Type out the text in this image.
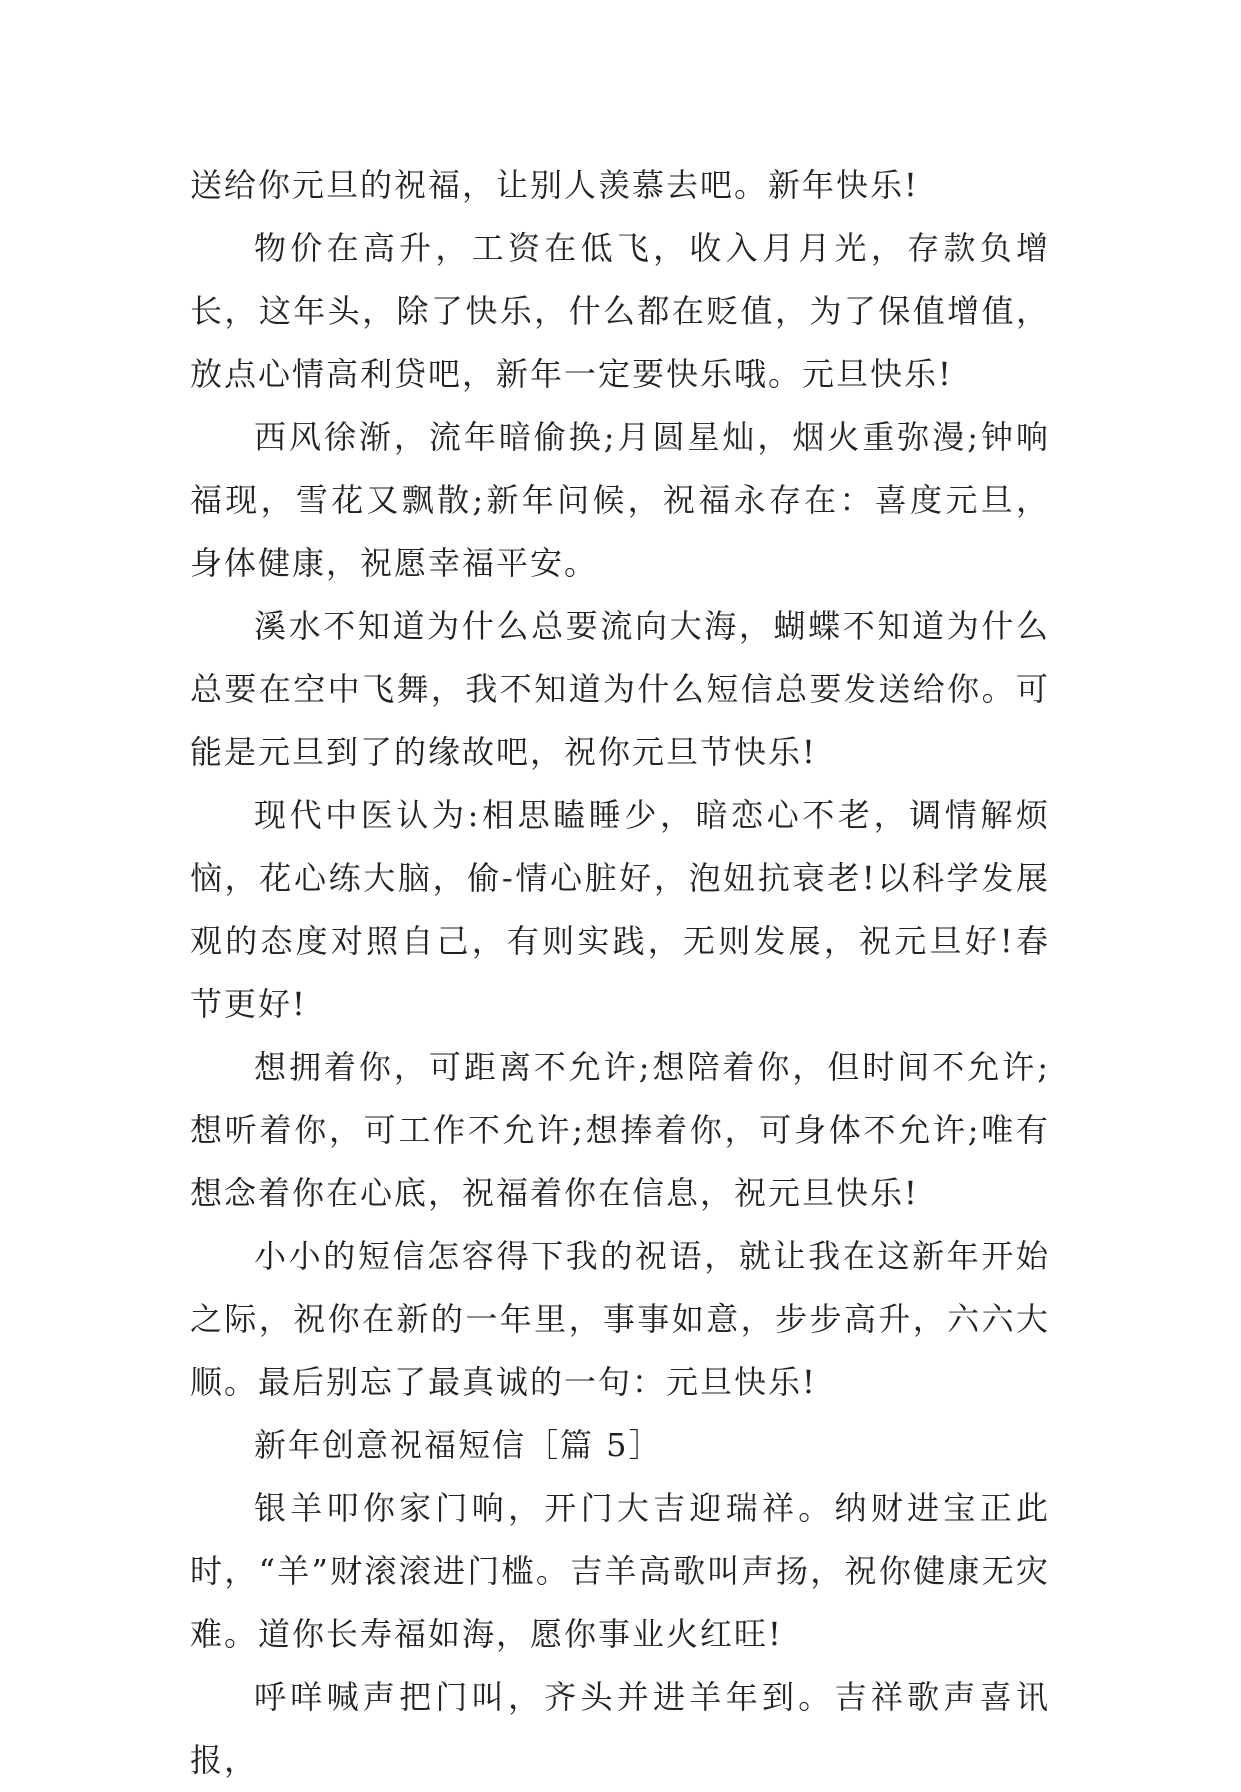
送给你元旦的祝福，让别人羡慕去吧。新年快乐!

物价在高升，工资在低飞，收入月月光，存款负增长，这年头，除了快乐，什么都在贬值，为了保值增值，放点心情高利贷吧，新年一定要快乐哦。元旦快乐!

西风徐渐，流年暗偷换;月圆星灿，烟火重弥漫;钟响福现，雪花又飘散;新年问候，祝福永存在：喜度元旦，身体健康，祝愿幸福平安。

溪水不知道为什么总要流向大海，蝴蝶不知道为什么总要在空中飞舞，我不知道为什么短信总要发送给你。可能是元旦到了的缘故吧，祝你元旦节快乐!

现代中医认为:相思瞌睡少，暗恋心不老，调情解烦恼，花心练大脑，偷-情心脏好，泡妞抗衰老!以科学发展观的态度对照自己，有则实践，无则发展，祝元旦好!春节更好!

想拥着你，可距离不允许;想陪着你，但时间不允许;想听着你，可工作不允许;想捧着你，可身体不允许;唯有想念着你在心底，祝福着你在信息，祝元旦快乐!

小小的短信怎容得下我的祝语，就让我在这新年开始之际，祝你在新的一年里，事事如意，步步高升，六六大顺。最后别忘了最真诚的一句：元旦快乐!

新年创意祝福短信［篇 5］

银羊叩你家门响，开门大吉迎瑞祥。纳财进宝正此时，“羊”财滚滚进门槛。吉羊高歌叫声扬，祝你健康无灾难。道你长寿福如海，愿你事业火红旺!

呼咩喊声把门叫，齐头并进羊年到。吉祥歌声喜讯报，
